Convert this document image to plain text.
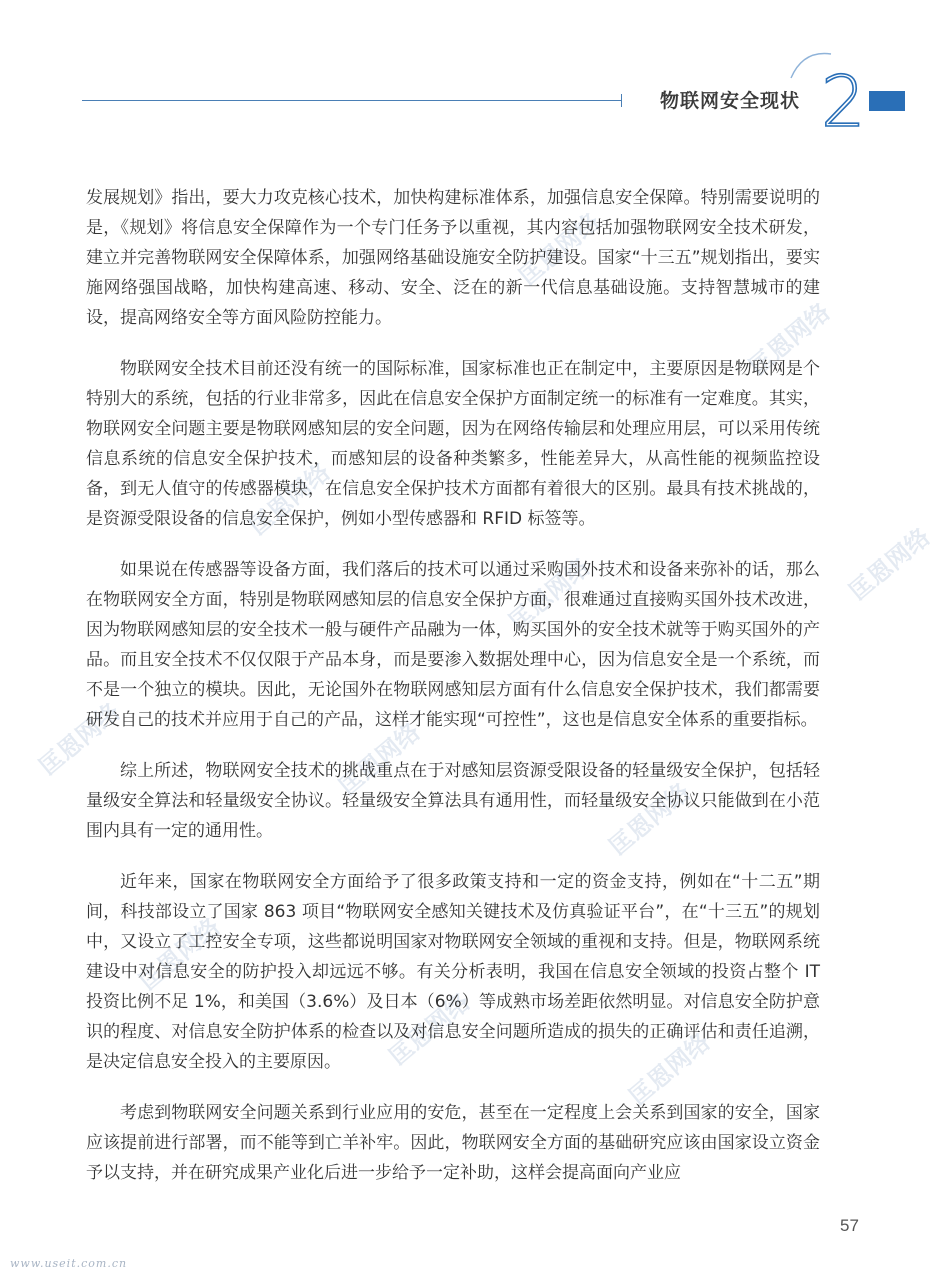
物联网安全现状 2
匡恩网络
匡恩网络
匡恩网络
匡恩网络	匡恩网络
匡恩网络	匡恩网络
匡恩网络
匡恩网络
匡恩网络	匡恩网络

发展规划》指出，要大力攻克核心技术，加快构建标准体系，加强信息安全保障。特别需要说明的是，《规划》将信息安全保障作为一个专门任务予以重视，其内容包括加强物联网安全技术研发，建立并完善物联网安全保障体系，加强网络基础设施安全防护建设。国家“十三五”规划指出，要实施网络强国战略，加快构建高速、移动、安全、泛在的新一代信息基础设施。支持智慧城市的建设，提高网络安全等方面风险防控能力。

物联网安全技术目前还没有统一的国际标准，国家标准也正在制定中，主要原因是物联网是个特别大的系统，包括的行业非常多，因此在信息安全保护方面制定统一的标准有一定难度。其实，物联网安全问题主要是物联网感知层的安全问题，因为在网络传输层和处理应用层，可以采用传统信息系统的信息安全保护技术，而感知层的设备种类繁多，性能差异大，从高性能的视频监控设备，到无人值守的传感器模块，在信息安全保护技术方面都有着很大的区别。最具有技术挑战的，是资源受限设备的信息安全保护，例如小型传感器和 RFID 标签等。

如果说在传感器等设备方面，我们落后的技术可以通过采购国外技术和设备来弥补的话，那么在物联网安全方面，特别是物联网感知层的信息安全保护方面，很难通过直接购买国外技术改进，因为物联网感知层的安全技术一般与硬件产品融为一体，购买国外的安全技术就等于购买国外的产品。而且安全技术不仅仅限于产品本身，而是要渗入数据处理中心，因为信息安全是一个系统，而不是一个独立的模块。因此，无论国外在物联网感知层方面有什么信息安全保护技术，我们都需要研发自己的技术并应用于自己的产品，这样才能实现“可控性”，这也是信息安全体系的重要指标。

综上所述，物联网安全技术的挑战重点在于对感知层资源受限设备的轻量级安全保护，包括轻量级安全算法和轻量级安全协议。轻量级安全算法具有通用性，而轻量级安全协议只能做到在小范围内具有一定的通用性。

近年来，国家在物联网安全方面给予了很多政策支持和一定的资金支持，例如在“十二五”期间，科技部设立了国家 863 项目“物联网安全感知关键技术及仿真验证平台”，在“十三五”的规划中，又设立了工控安全专项，这些都说明国家对物联网安全领域的重视和支持。但是，物联网系统建设中对信息安全的防护投入却远远不够。有关分析表明，我国在信息安全领域的投资占整个 IT 投资比例不足 1%，和美国（3.6%）及日本（6%）等成熟市场差距依然明显。对信息安全防护意识的程度、对信息安全防护体系的检查以及对信息安全问题所造成的损失的正确评估和责任追溯，是决定信息安全投入的主要原因。

考虑到物联网安全问题关系到行业应用的安危，甚至在一定程度上会关系到国家的安全，国家应该提前进行部署，而不能等到亡羊补牢。因此，物联网安全方面的基础研究应该由国家设立资金予以支持，并在研究成果产业化后进一步给予一定补助，这样会提高面向产业应

57
www.useit.com.cn
